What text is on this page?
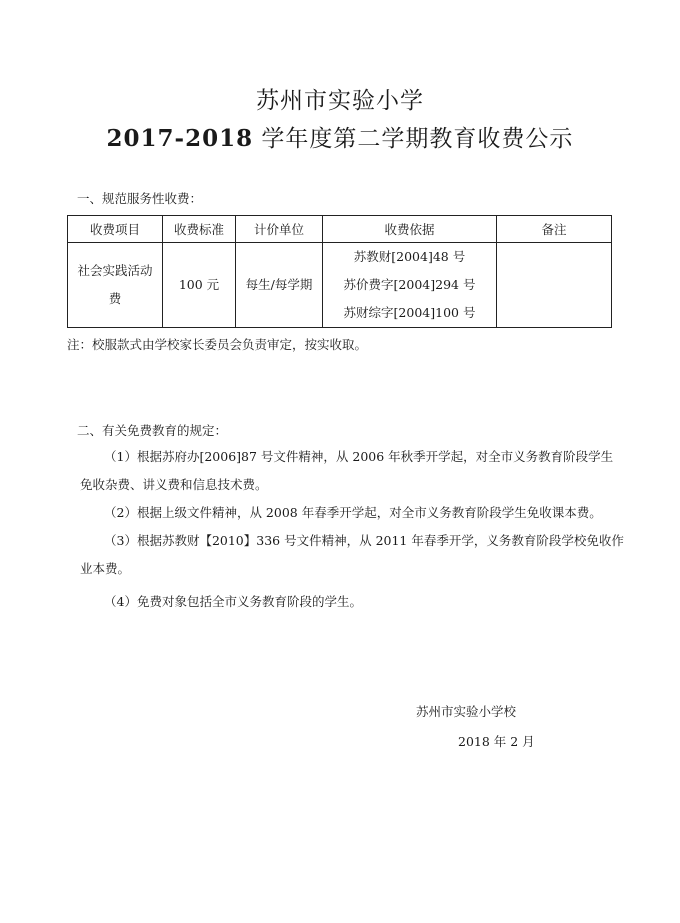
苏州市实验小学
2017-2018 学年度第二学期教育收费公示
一、规范服务性收费：
收费项目	收费标准	计价单位	收费依据	备注
社会实践活动费	100 元	每生/每学期	苏教财[2004]48 号
苏价费字[2004]294 号
苏财综字[2004]100 号	

注：校服款式由学校家长委员会负责审定，按实收取。
二、有关免费教育的规定：
（1）根据苏府办[2006]87 号文件精神，从 2006 年秋季开学起，对全市义务教育阶段学生免收杂费、讲义费和信息技术费。
（2）根据上级文件精神，从 2008 年春季开学起，对全市义务教育阶段学生免收课本费。
（3）根据苏教财【2010】336 号文件精神，从 2011 年春季开学，义务教育阶段学校免收作业本费。
（4）免费对象包括全市义务教育阶段的学生。
苏州市实验小学校
2018 年 2 月
